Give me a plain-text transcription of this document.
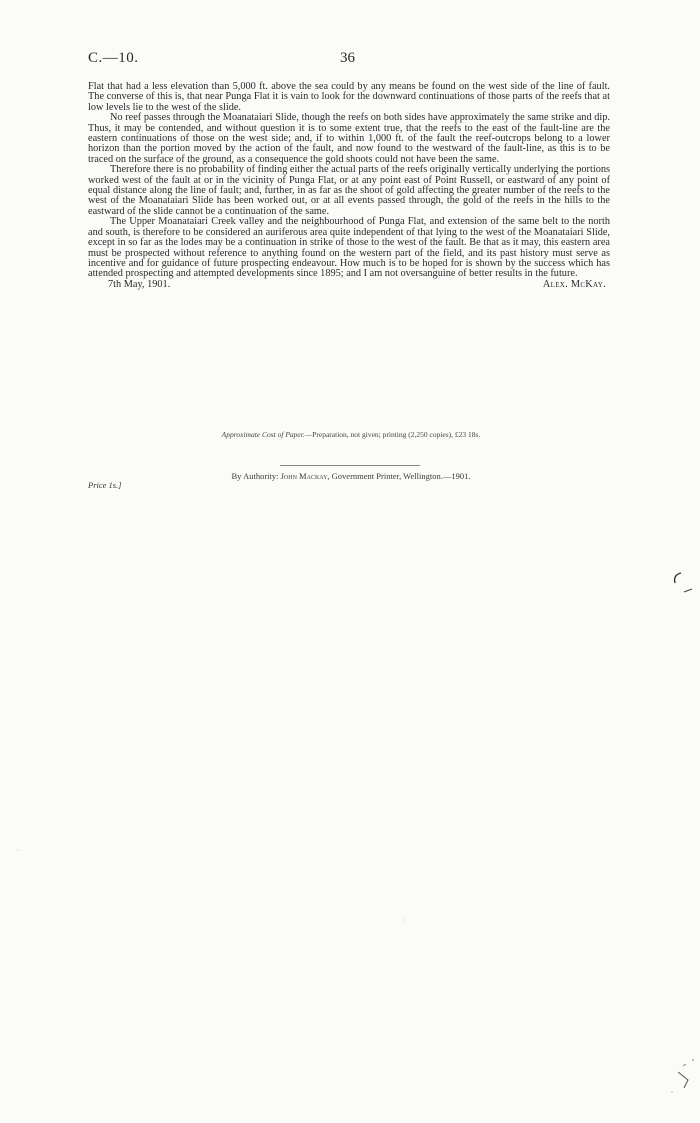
C.—10.	36

Flat that had a less elevation than 5,000 ft. above the sea could by any means be found on the west side of the line of fault. The converse of this is, that near Punga Flat it is vain to look for the downward continuations of those parts of the reefs that at low levels lie to the west of the slide.

No reef passes through the Moanataiari Slide, though the reefs on both sides have approximately the same strike and dip. Thus, it may be contended, and without question it is to some extent true, that the reefs to the east of the fault-line are the eastern continuations of those on the west side; and, if to within 1,000 ft. of the fault the reef-outcrops belong to a lower horizon than the portion moved by the action of the fault, and now found to the westward of the fault-line, as this is to be traced on the surface of the ground, as a consequence the gold shoots could not have been the same.

Therefore there is no probability of finding either the actual parts of the reefs originally vertically underlying the portions worked west of the fault at or in the vicinity of Punga Flat, or at any point east of Point Russell, or eastward of any point of equal distance along the line of fault; and, further, in as far as the shoot of gold affecting the greater number of the reefs to the west of the Moanataiari Slide has been worked out, or at all events passed through, the gold of the reefs in the hills to the eastward of the slide cannot be a continuation of the same.

The Upper Moanataiari Creek valley and the neighbourhood of Punga Flat, and extension of the same belt to the north and south, is therefore to be considered an auriferous area quite independent of that lying to the west of the Moanataiari Slide, except in so far as the lodes may be a continuation in strike of those to the west of the fault. Be that as it may, this eastern area must be prospected without reference to anything found on the western part of the field, and its past history must serve as incentive and for guidance of future prospecting endeavour. How much is to be hoped for is shown by the success which has attended prospecting and attempted developments since 1895; and I am not oversanguine of better results in the future.

7th May, 1901.	Alex. McKay.
Approximate Cost of Paper.—Preparation, not given; printing (2,250 copies), £23 18s.
By Authority: John Mackay, Government Printer, Wellington.—1901.
Price 1s.]
